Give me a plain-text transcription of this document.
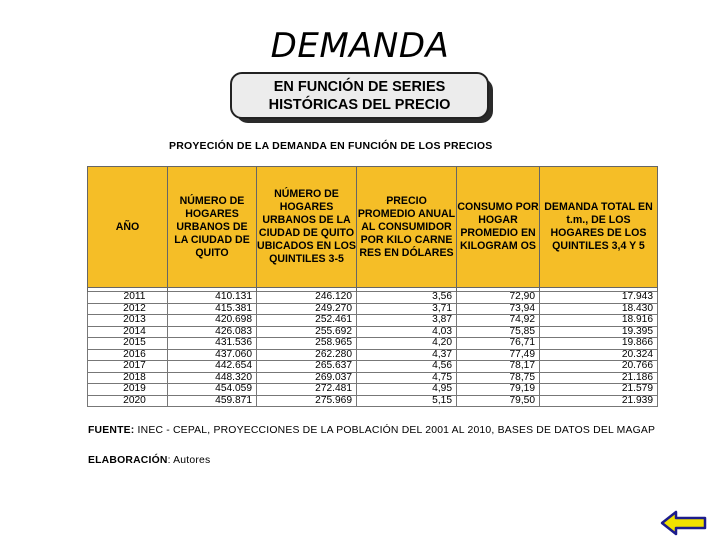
DEMANDA
EN FUNCIÓN DE SERIES
HISTÓRICAS DEL PRECIO
PROYECIÓN DE LA DEMANDA EN FUNCIÓN DE LOS PRECIOS
AÑO	NÚMERO DE HOGARES URBANOS DE LA CIUDAD DE QUITO	NÚMERO DE HOGARES URBANOS DE LA CIUDAD DE QUITO UBICADOS EN LOS QUINTILES 3-5	PRECIO PROMEDIO ANUAL AL CONSUMIDOR POR KILO CARNE RES EN DÓLARES	CONSUMO POR HOGAR PROMEDIO EN KILOGRAM OS	DEMANDA TOTAL EN t.m., DE LOS HOGARES DE LOS QUINTILES 3,4 Y 5

2011	410.131	246.120	3,56	72,90	17.943
2012	415.381	249.270	3,71	73,94	18.430
2013	420.698	252.461	3,87	74,92	18.916
2014	426.083	255.692	4,03	75,85	19.395
2015	431.536	258.965	4,20	76,71	19.866
2016	437.060	262.280	4,37	77,49	20.324
2017	442.654	265.637	4,56	78,17	20.766
2018	448.320	269.037	4,75	78,75	21.186
2019	454.059	272.481	4,95	79,19	21.579
2020	459.871	275.969	5,15	79,50	21.939
FUENTE: INEC - CEPAL, PROYECCIONES DE LA POBLACIÓN DEL 2001 AL 2010, BASES DE DATOS DEL MAGAP
ELABORACIÓN: Autores
